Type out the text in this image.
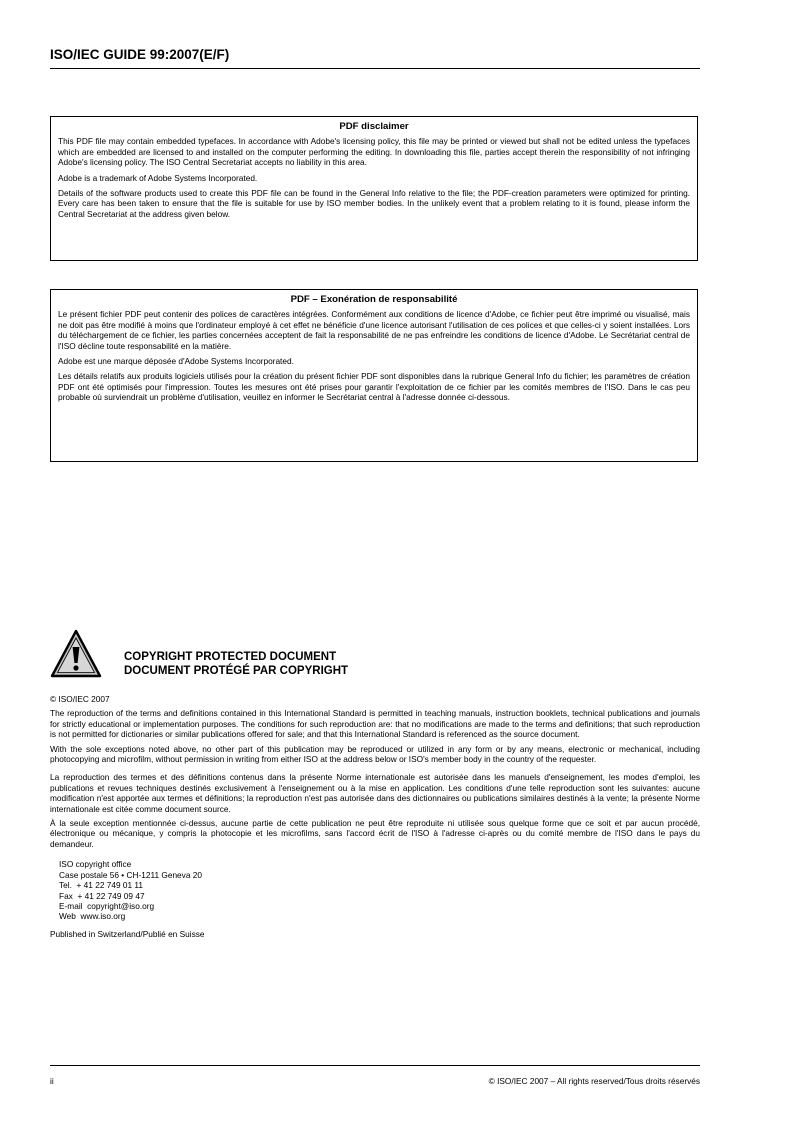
ISO/IEC GUIDE 99:2007(E/F)
PDF disclaimer

This PDF file may contain embedded typefaces. In accordance with Adobe's licensing policy, this file may be printed or viewed but shall not be edited unless the typefaces which are embedded are licensed to and installed on the computer performing the editing. In downloading this file, parties accept therein the responsibility of not infringing Adobe's licensing policy. The ISO Central Secretariat accepts no liability in this area.

Adobe is a trademark of Adobe Systems Incorporated.

Details of the software products used to create this PDF file can be found in the General Info relative to the file; the PDF-creation parameters were optimized for printing. Every care has been taken to ensure that the file is suitable for use by ISO member bodies. In the unlikely event that a problem relating to it is found, please inform the Central Secretariat at the address given below.

PDF – Exonération de responsabilité

Le présent fichier PDF peut contenir des polices de caractères intégrées. Conformément aux conditions de licence d'Adobe, ce fichier peut être imprimé ou visualisé, mais ne doit pas être modifié à moins que l'ordinateur employé à cet effet ne bénéficie d'une licence autorisant l'utilisation de ces polices et que celles-ci y soient installées. Lors du téléchargement de ce fichier, les parties concernées acceptent de fait la responsabilité de ne pas enfreindre les conditions de licence d'Adobe. Le Secrétariat central de l'ISO décline toute responsabilité en la matière.

Adobe est une marque déposée d'Adobe Systems Incorporated.

Les détails relatifs aux produits logiciels utilisés pour la création du présent fichier PDF sont disponibles dans la rubrique General Info du fichier; les paramètres de création PDF ont été optimisés pour l'impression. Toutes les mesures ont été prises pour garantir l'exploitation de ce fichier par les comités membres de l'ISO. Dans le cas peu probable où surviendrait un problème d'utilisation, veuillez en informer le Secrétariat central à l'adresse donnée ci-dessous.

COPYRIGHT PROTECTED DOCUMENT
DOCUMENT PROTÉGÉ PAR COPYRIGHT

© ISO/IEC 2007

The reproduction of the terms and definitions contained in this International Standard is permitted in teaching manuals, instruction booklets, technical publications and journals for strictly educational or implementation purposes. The conditions for such reproduction are: that no modifications are made to the terms and definitions; that such reproduction is not permitted for dictionaries or similar publications offered for sale; and that this International Standard is referenced as the source document.

With the sole exceptions noted above, no other part of this publication may be reproduced or utilized in any form or by any means, electronic or mechanical, including photocopying and microfilm, without permission in writing from either ISO at the address below or ISO's member body in the country of the requester.

La reproduction des termes et des définitions contenus dans la présente Norme internationale est autorisée dans les manuels d'enseignement, les modes d'emploi, les publications et revues techniques destinés exclusivement à l'enseignement ou à la mise en application. Les conditions d'une telle reproduction sont les suivantes: aucune modification n'est apportée aux termes et définitions; la reproduction n'est pas autorisée dans des dictionnaires ou publications similaires destinés à la vente; la présente Norme internationale est citée comme document source.

À la seule exception mentionnée ci-dessus, aucune partie de cette publication ne peut être reproduite ni utilisée sous quelque forme que ce soit et par aucun procédé, électronique ou mécanique, y compris la photocopie et les microfilms, sans l'accord écrit de l'ISO à l'adresse ci-après ou du comité membre de l'ISO dans le pays du demandeur.

ISO copyright office
Case postale 56 • CH-1211 Geneva 20
Tel.  + 41 22 749 01 11
Fax  + 41 22 749 09 47
E-mail  copyright@iso.org
Web  www.iso.org

Published in Switzerland/Publié en Suisse

ii	© ISO/IEC 2007 – All rights reserved/Tous droits réservés
